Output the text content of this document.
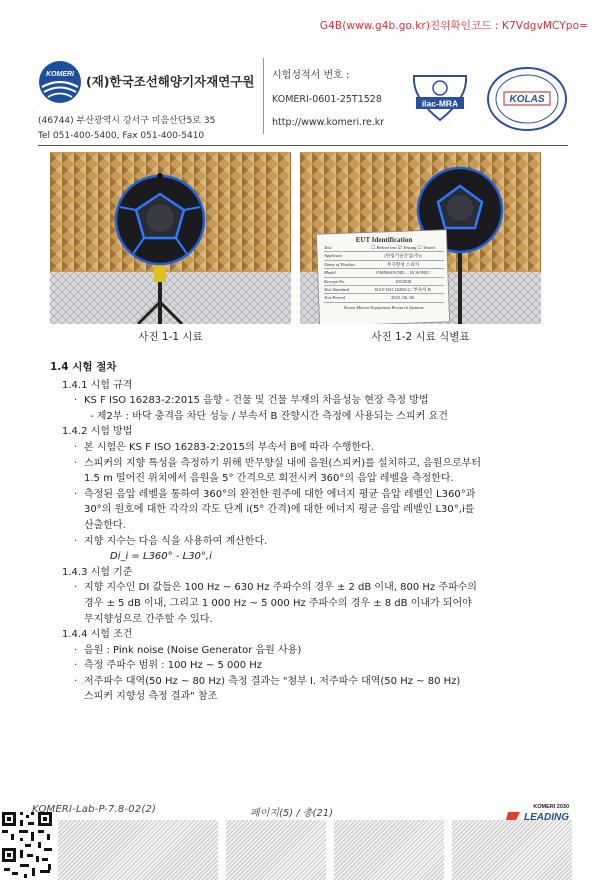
G4B(www.g4b.go.kr)진위확인코드 : K7VdgvMCYpo=
KOMERI (재)한국조선해양기자재연구원
(46744) 부산광역시 강서구 미음산단5로 35
Tel 051-400-5400, Fax 051-400-5410
시험성적서 번호 :
KOMERI-0601-25T1528
http://www.komeri.re.kr
ilac-MRA	KOLAS
사진 1-1 시료
EUT Identification
Test	☐ Before test ☑ Testing ☐ Tested
Applicant	(한림기술산업(주))
Name of Product	무지향성 스피커
Model	OMNISOUND ... ECSONIC
Receipt No.	1051838
Test Standard	KS F ISO 16283-2 / 부속서 B
Test Period	2025. 06. 06.
Korea Marine Equipment Research Institute
사진 1-2 시료 식별표
1.4 시험 절차
1.4.1 시험 규격
· KS F ISO 16283-2:2015 음향 - 건물 및 건물 부재의 차음성능 현장 측정 방법
- 제2부 : 바닥 충격음 차단 성능 / 부속서 B 잔향시간 측정에 사용되는 스피커 요건
1.4.2 시험 방법
· 본 시험은 KS F ISO 16283-2:2015의 부속서 B에 따라 수행한다.
· 스피커의 지향 특성을 측정하기 위해 반무향실 내에 음원(스피커)를 설치하고, 음원으로부터
1.5 m 떨어진 위치에서 음원을 5° 간격으로 회전시켜 360°의 음압 레벨을 측정한다.
· 측정된 음압 레벨을 통하여 360°의 완전한 원주에 대한 에너지 평균 음압 레벨인 L360°과
30°의 원호에 대한 각각의 각도 단계 i(5° 간격)에 대한 에너지 평균 음압 레벨인 L30°,i를
산출한다.
· 지향 지수는 다음 식을 사용하여 계산한다.
Di_i = L360° - L30°,i
1.4.3 시험 기준
· 지향 지수인 DI 값들은 100 Hz ~ 630 Hz 주파수의 경우 ± 2 dB 이내, 800 Hz 주파수의
경우 ± 5 dB 이내, 그리고 1 000 Hz ~ 5 000 Hz 주파수의 경우 ± 8 dB 이내가 되어야
무지향성으로 간주할 수 있다.
1.4.4 시험 조건
· 음원 : Pink noise (Noise Generator 음원 사용)
· 측정 주파수 범위 : 100 Hz ~ 5 000 Hz
· 저주파수 대역(50 Hz ~ 80 Hz) 측정 결과는 "첨부 I. 저주파수 대역(50 Hz ~ 80 Hz)
스피커 지향성 측정 결과" 참조
KOMERI-Lab-P-7.8-02(2)	페이지(5) / 총(21)
KOMERI 2030
LEADING
